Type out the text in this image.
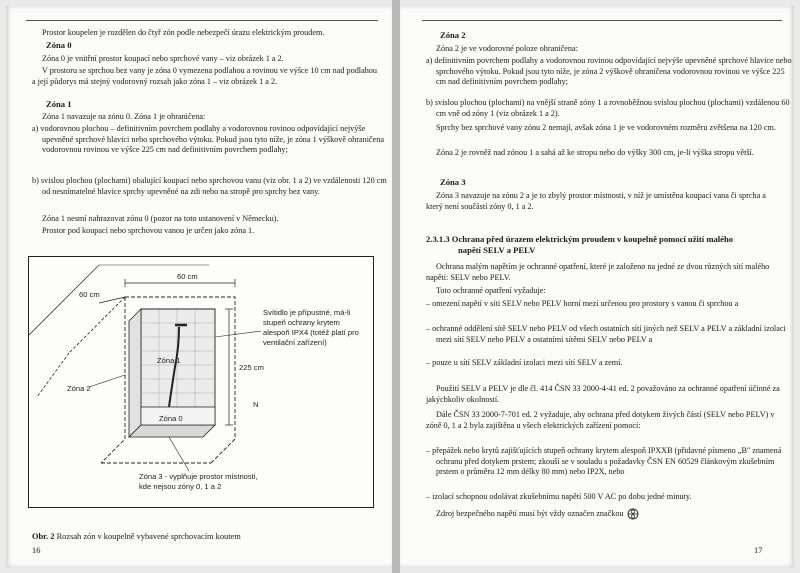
Prostor koupelen je rozdělen do čtyř zón podle nebezpečí úrazu elektrickým proudem.

Zóna 0

Zóna 0 je vnitřní prostor koupací nebo sprchové vany – viz obrázek 1 a 2.

V prostoru se sprchou bez vany je zóna 0 vymezena podlahou a rovinou ve výšce 10 cm nad podlahou a její půdorys má stejný vodorovný rozsah jako zóna 1 – viz obrázek 1 a 2.

Zóna 1

Zóna 1 navazuje na zónu 0. Zóna 1 je ohraničena:

a) vodorovnou plochou – definitivním povrchem podlahy a vodorovnou rovinou odpovídající nejvýše upevněné sprchové hlavici nebo sprchového výtoku. Pokud jsou tyto níže, je zóna 1 výškově ohraničena vodorovnou rovinou ve výšce 225 cm nad definitivním povrchem podlahy;

b) svislou plochou (plochami) obalující koupací nebo sprchovou vanu (viz obr. 1 a 2) ve vzdálenosti 120 cm od nesnímatelné hlavice sprchy upevněné na zdi nebo na stropě pro sprchy bez vany.

Zóna 1 nesmí nahrazovat zónu 0 (pozor na toto ustanovení v Německu).

Prostor pod koupací nebo sprchovou vanou je určen jako zóna 1.

60 cm
60 cm
225 cm
Zóna 1
Zóna 2
Zóna 0
Svítidlo je přípustné, má-li
stupeň ochrany krytem
alespoň IPX4 (totéž platí pro
ventilační zařízení)
N
Zóna 3 - vyplňuje prostor místnosti,
kde nejsou zóny 0, 1 a 2

Obr. 2 Rozsah zón v koupelně vybavené sprchovacím koutem

16

Zóna 2

Zóna 2 je ve vodorovné poloze ohraničena:

a) definitivním povrchem podlahy a vodorovnou rovinou odpovídající nejvýše upevněné sprchové hlavice nebo sprchového výtoku. Pokud jsou tyto níže, je zóna 2 výškově ohraničena vodorovnou rovinou ve výšce 225 cm nad definitivním povrchem podlahy;

b) svislou plochou (plochami) na vnější straně zóny 1 a rovnoběžnou svislou plochou (plochami) vzdálenou 60 cm vně od zóny 1 (viz obrázek 1 a 2).

Sprchy bez sprchové vany zónu 2 nemají, avšak zóna 1 je ve vodorovném rozměru zvětšena na 120 cm.

Zóna 2 je rovněž nad zónou 1 a sahá až ke stropu nebo do výšky 300 cm, je-li výška stropu větší.

Zóna 3

Zóna 3 navazuje na zónu 2 a je to zbylý prostor místnosti, v níž je umístěna koupací vana či sprcha a který není součástí zóny 0, 1 a 2.

2.3.1.3 Ochrana před úrazem elektrickým proudem v koupelně pomocí užití malého
napětí SELV a PELV

Ochrana malým napětím je ochranné opatření, které je založeno na jedné ze dvou různých sítí malého napětí: SELV nebo PELV.

Toto ochranné opatření vyžaduje:

– omezení napětí v síti SELV nebo PELV horní mezí určenou pro prostory s vanou či sprchou a

– ochranné oddělení sítě SELV nebo PELV od všech ostatních sítí jiných než SELV a PELV a základní izolaci mezi sítí SELV nebo PELV a ostatními sítěmi SELV nebo PELV a

– pouze u sítí SELV základní izolaci mezi sítí SELV a zemí.

Použití SELV a PELV je dle čl. 414 ČSN 33 2000-4-41 ed. 2 považováno za ochranné opatření účinné za jakýchkoliv okolností.

Dále ČSN 33 2000-7-701 ed. 2 vyžaduje, aby ochrana před dotykem živých částí (SELV nebo PELV) v zóně 0, 1 a 2 byla zajištěna u všech elektrických zařízení pomocí:

– přepážek nebo krytů zajišťujících stupeň ochrany krytem alespoň IPXXB (přidavné písmeno „B" znamená ochranu před dotykem prstem; zkouší se v souladu s požadavky ČSN EN 60529 článkovým zkušebním prstem o průměru 12 mm délky 80 mm) nebo IP2X, nebo

– izolací schopnou odolávat zkušebnímu napětí 500 V AC po dobu jedné minuty.

Zdroj bezpečného napětí musí být vždy označen značkou

17
